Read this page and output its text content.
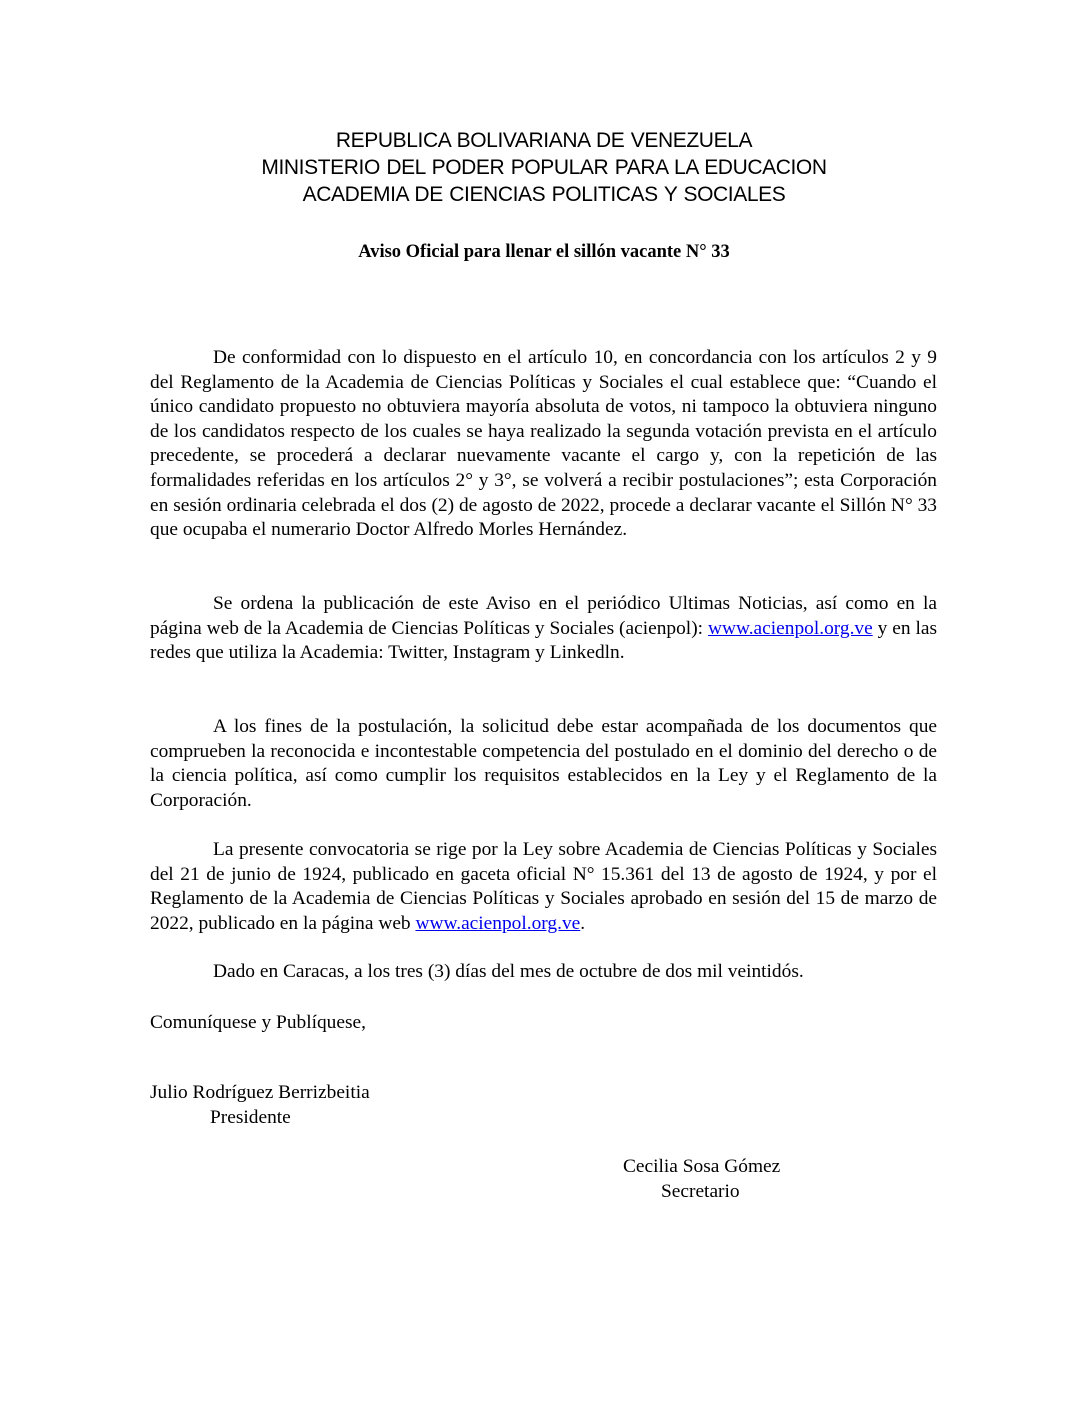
REPUBLICA BOLIVARIANA DE VENEZUELA
MINISTERIO DEL PODER POPULAR PARA LA EDUCACION
ACADEMIA DE CIENCIAS POLITICAS Y SOCIALES
Aviso Oficial para llenar el sillón vacante N° 33

De conformidad con lo dispuesto en el artículo 10, en concordancia con los artículos 2 y 9 del Reglamento de la Academia de Ciencias Políticas y Sociales el cual establece que: “Cuando el único candidato propuesto no obtuviera mayoría absoluta de votos, ni tampoco la obtuviera ninguno de los candidatos respecto de los cuales se haya realizado la segunda votación prevista en el artículo precedente, se procederá a declarar nuevamente vacante el cargo y, con la repetición de las formalidades referidas en los artículos 2° y 3°, se volverá a recibir postulaciones”; esta Corporación en sesión ordinaria celebrada el dos (2) de agosto de 2022, procede a declarar vacante el Sillón N° 33 que ocupaba el numerario Doctor Alfredo Morles Hernández.

Se ordena la publicación de este Aviso en el periódico Ultimas Noticias, así como en la página web de la Academia de Ciencias Políticas y Sociales (acienpol): www.acienpol.org.ve y en las redes que utiliza la Academia: Twitter, Instagram y Linkedln.

A los fines de la postulación, la solicitud debe estar acompañada de los documentos que comprueben la reconocida e incontestable competencia del postulado en el dominio del derecho o de la ciencia política, así como cumplir los requisitos establecidos en la Ley y el Reglamento de la Corporación.

La presente convocatoria se rige por la Ley sobre Academia de Ciencias Políticas y Sociales del 21 de junio de 1924, publicado en gaceta oficial N° 15.361 del 13 de agosto de 1924, y por el Reglamento de la Academia de Ciencias Políticas y Sociales aprobado en sesión del 15 de marzo de 2022, publicado en la página web www.acienpol.org.ve.

Dado en Caracas, a los tres (3) días del mes de octubre de dos mil veintidós.

Comuníquese y Publíquese,

Julio Rodríguez Berrizbeitia
Presidente
Cecilia Sosa Gómez
Secretario
